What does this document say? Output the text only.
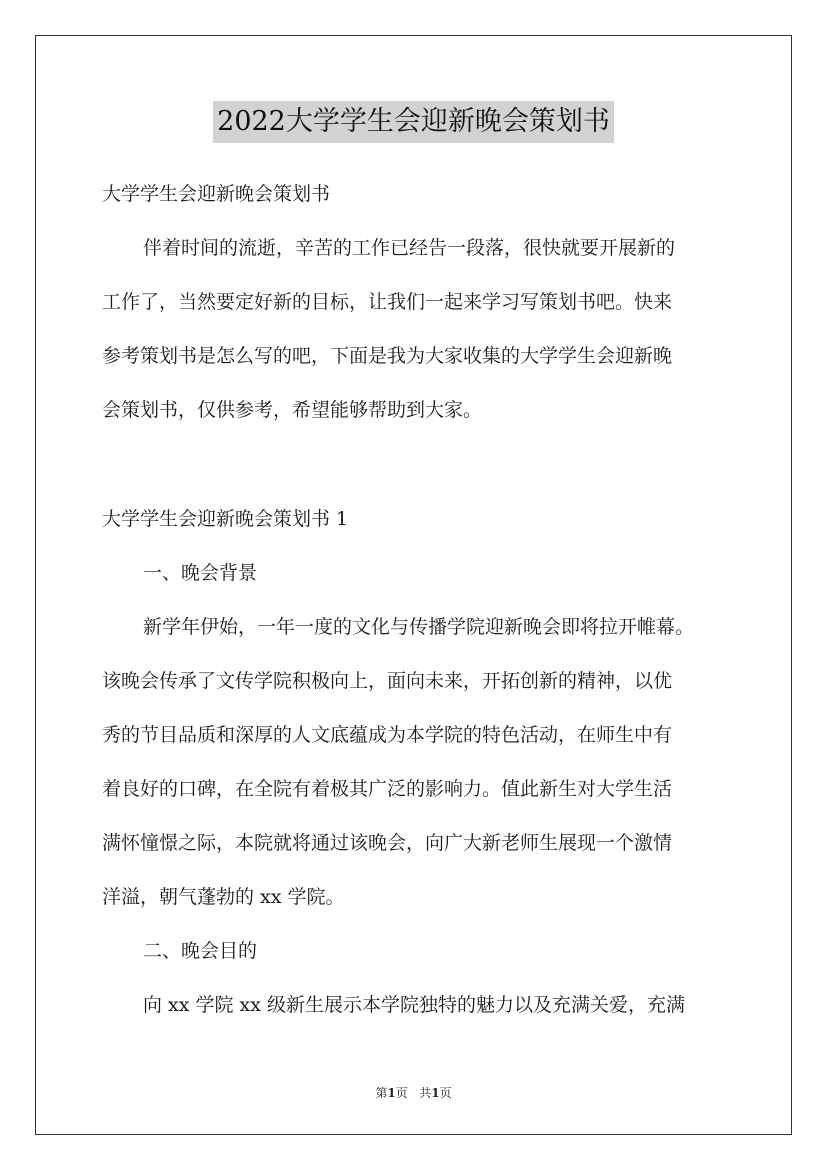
2022大学学生会迎新晚会策划书
大学学生会迎新晚会策划书
伴着时间的流逝，辛苦的工作已经告一段落，很快就要开展新的
工作了，当然要定好新的目标，让我们一起来学习写策划书吧。快来
参考策划书是怎么写的吧，下面是我为大家收集的大学学生会迎新晚
会策划书，仅供参考，希望能够帮助到大家。
大学学生会迎新晚会策划书 1
一、晚会背景
新学年伊始，一年一度的文化与传播学院迎新晚会即将拉开帷幕。
该晚会传承了文传学院积极向上，面向未来，开拓创新的精神，以优
秀的节目品质和深厚的人文底蕴成为本学院的特色活动，在师生中有
着良好的口碑，在全院有着极其广泛的影响力。值此新生对大学生活
满怀憧憬之际，本院就将通过该晚会，向广大新老师生展现一个激情
洋溢，朝气蓬勃的 xx 学院。
二、晚会目的
向 xx 学院 xx 级新生展示本学院独特的魅力以及充满关爱，充满
第1页 共1页
